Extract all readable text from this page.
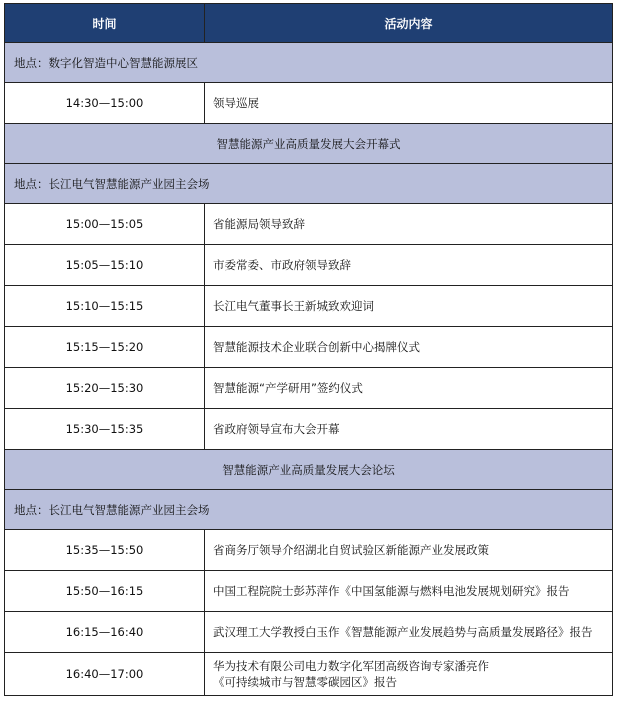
时间	活动内容
地点：数字化智造中心智慧能源展区	
14:30—15:00	领导巡展

智慧能源产业高质量发展大会开幕式	
地点：长江电气智慧能源产业园主会场	
15:00—15:05	省能源局领导致辞

15:05—15:10	市委常委、市政府领导致辞

15:10—15:15	长江电气董事长王新城致欢迎词

15:15—15:20	智慧能源技术企业联合创新中心揭牌仪式

15:20—15:30	智慧能源“产学研用”签约仪式

15:30—15:35	省政府领导宣布大会开幕

智慧能源产业高质量发展大会论坛	
地点：长江电气智慧能源产业园主会场	
15:35—15:50	省商务厅领导介绍湖北自贸试验区新能源产业发展政策

15:50—16:15	中国工程院院士彭苏萍作《中国氢能源与燃料电池发展规划研究》报告

16:15—16:40	武汉理工大学教授白玉作《智慧能源产业发展趋势与高质量发展路径》报告

16:40—17:00	华为技术有限公司电力数字化军团高级咨询专家潘亮作
《可持续城市与智慧零碳园区》报告
